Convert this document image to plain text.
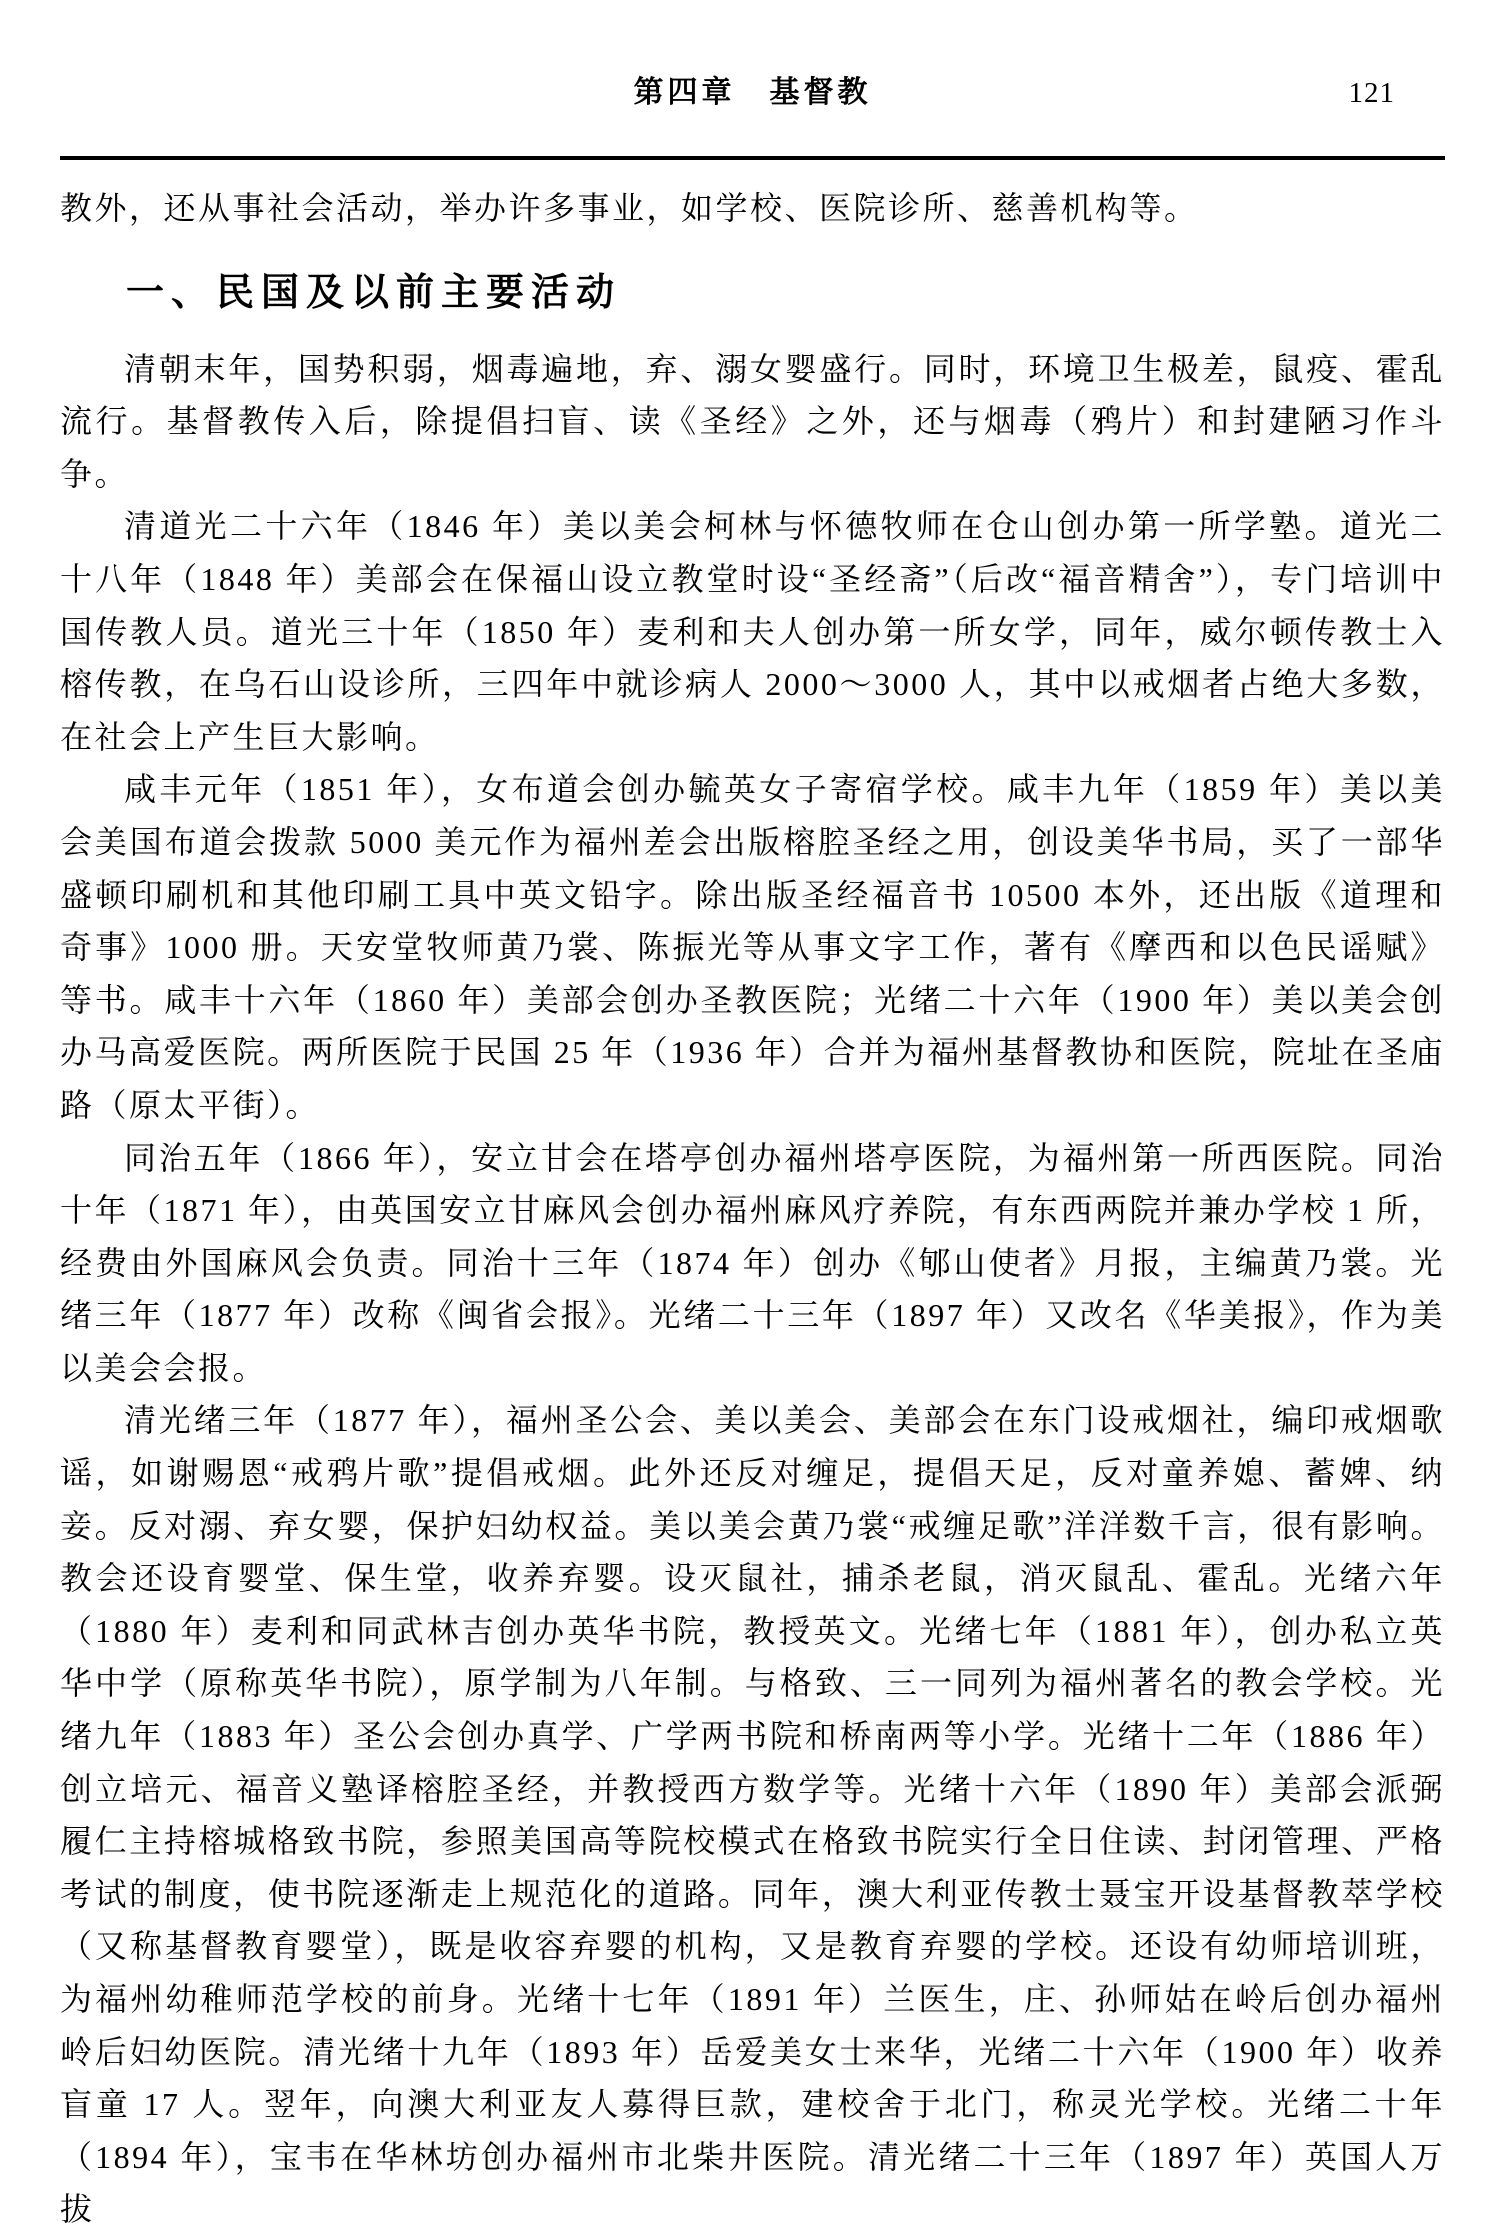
第四章　基督教	121

教外，还从事社会活动，举办许多事业，如学校、医院诊所、慈善机构等。

一、民国及以前主要活动

清朝末年，国势积弱，烟毒遍地，弃、溺女婴盛行。同时，环境卫生极差，鼠疫、霍乱流行。基督教传入后，除提倡扫盲、读《圣经》之外，还与烟毒（鸦片）和封建陋习作斗争。

清道光二十六年（1846 年）美以美会柯林与怀德牧师在仓山创办第一所学塾。道光二十八年（1848 年）美部会在保福山设立教堂时设“圣经斋”（后改“福音精舍”），专门培训中国传教人员。道光三十年（1850 年）麦利和夫人创办第一所女学，同年，威尔顿传教士入榕传教，在乌石山设诊所，三四年中就诊病人 2000～3000 人，其中以戒烟者占绝大多数，在社会上产生巨大影响。

咸丰元年（1851 年），女布道会创办毓英女子寄宿学校。咸丰九年（1859 年）美以美会美国布道会拨款 5000 美元作为福州差会出版榕腔圣经之用，创设美华书局，买了一部华盛顿印刷机和其他印刷工具中英文铅字。除出版圣经福音书 10500 本外，还出版《道理和奇事》1000 册。天安堂牧师黄乃裳、陈振光等从事文字工作，著有《摩西和以色民谣赋》等书。咸丰十六年（1860 年）美部会创办圣教医院；光绪二十六年（1900 年）美以美会创办马高爱医院。两所医院于民国 25 年（1936 年）合并为福州基督教协和医院，院址在圣庙路（原太平街）。

同治五年（1866 年），安立甘会在塔亭创办福州塔亭医院，为福州第一所西医院。同治十年（1871 年），由英国安立甘麻风会创办福州麻风疗养院，有东西两院并兼办学校 1 所，经费由外国麻风会负责。同治十三年（1874 年）创办《郇山使者》月报，主编黄乃裳。光绪三年（1877 年）改称《闽省会报》。光绪二十三年（1897 年）又改名《华美报》，作为美以美会会报。

清光绪三年（1877 年），福州圣公会、美以美会、美部会在东门设戒烟社，编印戒烟歌谣，如谢赐恩“戒鸦片歌”提倡戒烟。此外还反对缠足，提倡天足，反对童养媳、蓄婢、纳妾。反对溺、弃女婴，保护妇幼权益。美以美会黄乃裳“戒缠足歌”洋洋数千言，很有影响。教会还设育婴堂、保生堂，收养弃婴。设灭鼠社，捕杀老鼠，消灭鼠乱、霍乱。光绪六年（1880 年）麦利和同武林吉创办英华书院，教授英文。光绪七年（1881 年），创办私立英华中学（原称英华书院），原学制为八年制。与格致、三一同列为福州著名的教会学校。光绪九年（1883 年）圣公会创办真学、广学两书院和桥南两等小学。光绪十二年（1886 年）创立培元、福音义塾译榕腔圣经，并教授西方数学等。光绪十六年（1890 年）美部会派弼履仁主持榕城格致书院，参照美国高等院校模式在格致书院实行全日住读、封闭管理、严格考试的制度，使书院逐渐走上规范化的道路。同年，澳大利亚传教士聂宝开设基督教萃学校（又称基督教育婴堂），既是收容弃婴的机构，又是教育弃婴的学校。还设有幼师培训班，为福州幼稚师范学校的前身。光绪十七年（1891 年）兰医生，庄、孙师姑在岭后创办福州岭后妇幼医院。清光绪十九年（1893 年）岳爱美女士来华，光绪二十六年（1900 年）收养盲童 17 人。翌年，向澳大利亚友人募得巨款，建校舍于北门，称灵光学校。光绪二十年（1894 年），宝韦在华林坊创办福州市北柴井医院。清光绪二十三年（1897 年）英国人万拔
